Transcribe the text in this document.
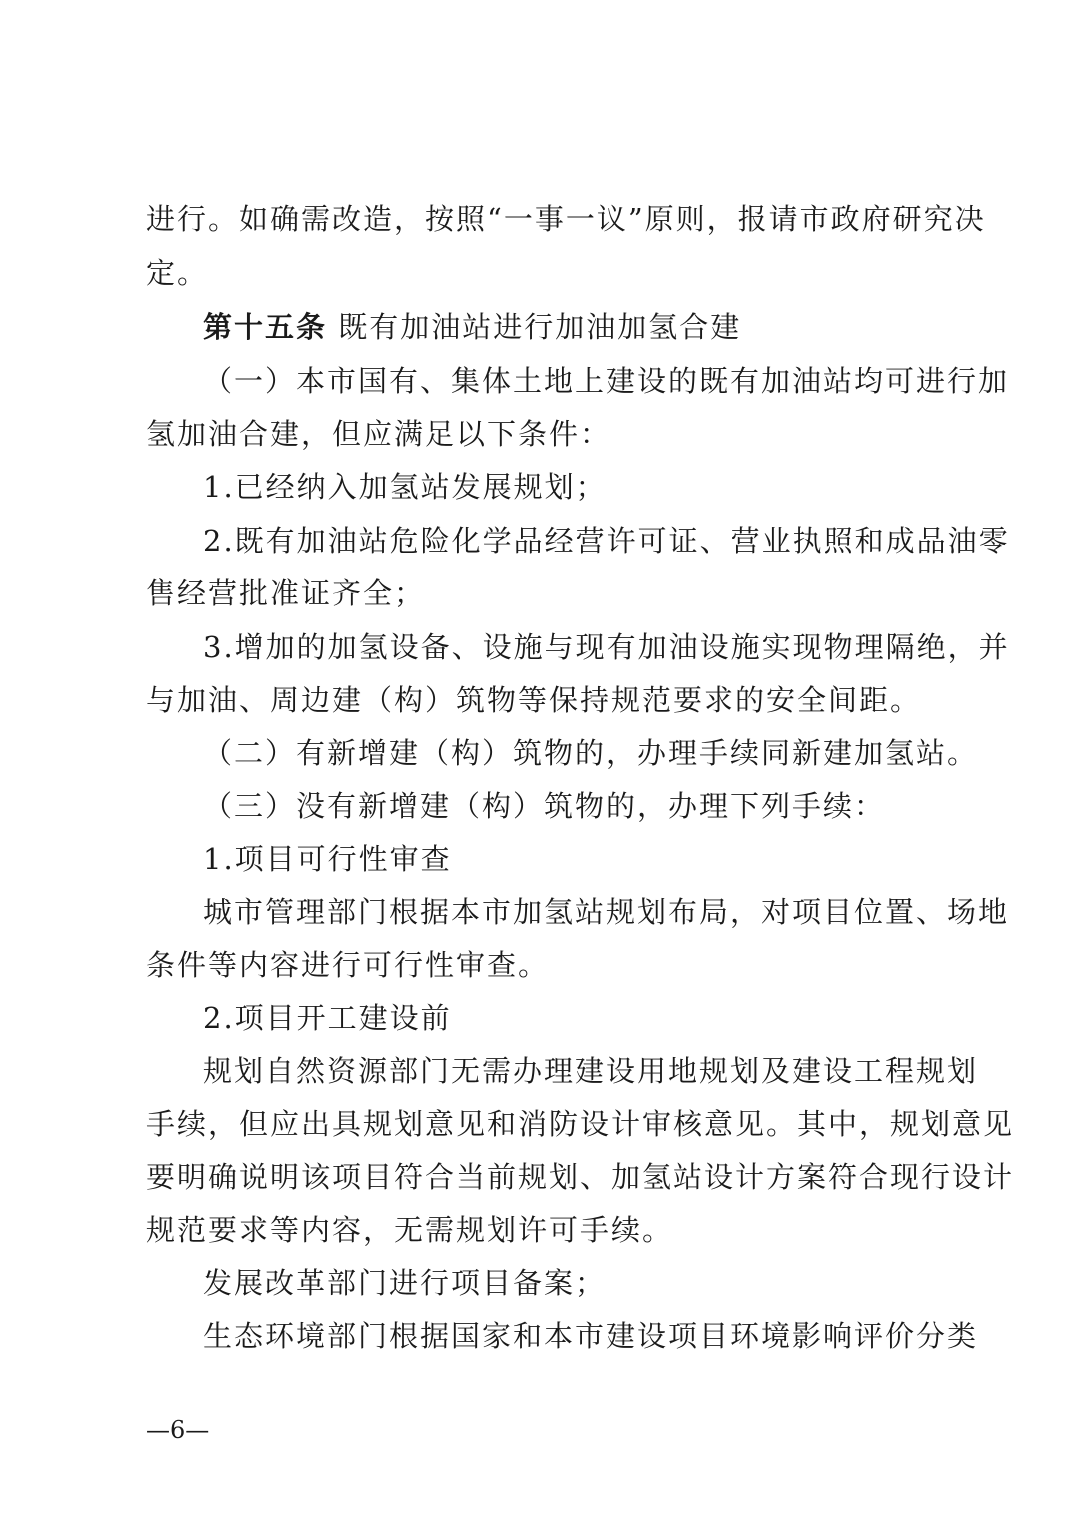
进行。如确需改造，按照“一事一议”原则，报请市政府研究决
定。
第十五条 既有加油站进行加油加氢合建
（一）本市国有、集体土地上建设的既有加油站均可进行加
氢加油合建，但应满足以下条件：
1.已经纳入加氢站发展规划；
2.既有加油站危险化学品经营许可证、营业执照和成品油零
售经营批准证齐全；
3.增加的加氢设备、设施与现有加油设施实现物理隔绝，并
与加油、周边建（构）筑物等保持规范要求的安全间距。
（二）有新增建（构）筑物的，办理手续同新建加氢站。
（三）没有新增建（构）筑物的，办理下列手续：
1.项目可行性审查
城市管理部门根据本市加氢站规划布局，对项目位置、场地
条件等内容进行可行性审查。
2.项目开工建设前
规划自然资源部门无需办理建设用地规划及建设工程规划
手续，但应出具规划意见和消防设计审核意见。其中，规划意见
要明确说明该项目符合当前规划、加氢站设计方案符合现行设计
规范要求等内容，无需规划许可手续。
发展改革部门进行项目备案；
生态环境部门根据国家和本市建设项目环境影响评价分类
—6—
